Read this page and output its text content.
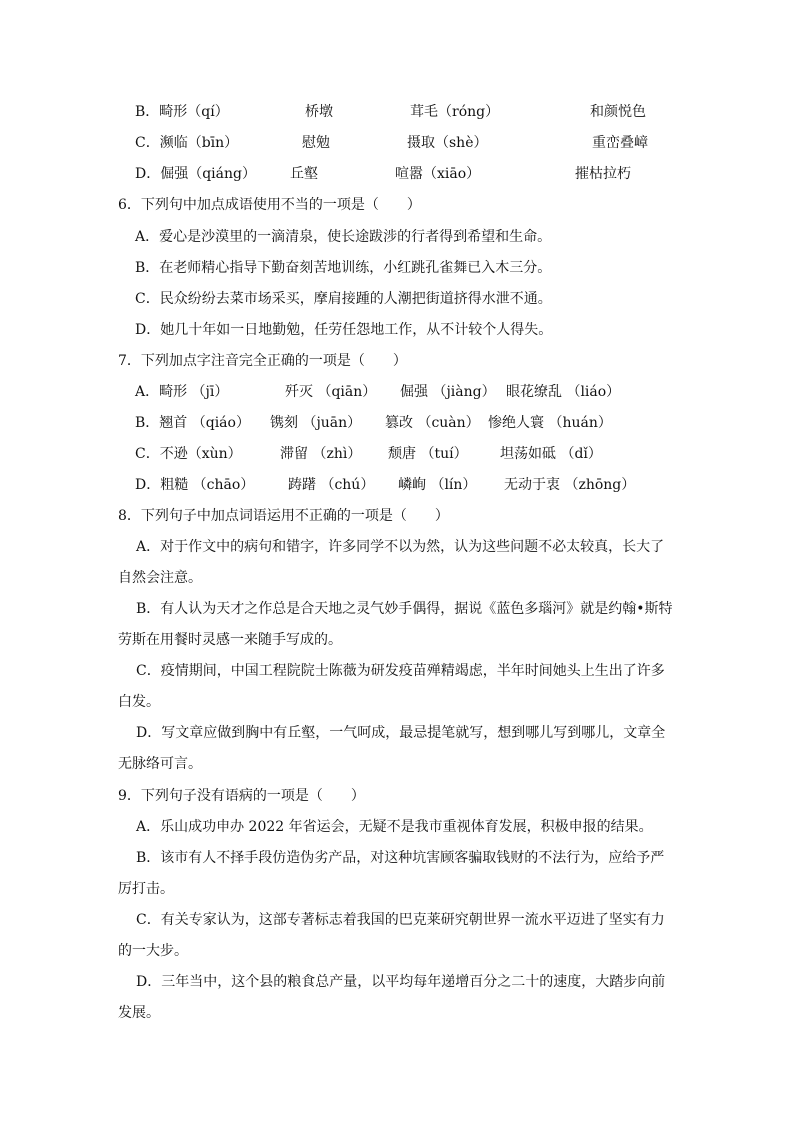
B．畸形（qí）	桥墩	茸毛（róng）	和颜悦色
C．濒临（bīn）	慰勉	摄取（shè）	重峦叠嶂
D．倔强（qiáng） 丘壑	喧嚣（xiāo）	摧枯拉朽
6．下列句中加点成语使用不当的一项是（　　）
A．爱心是沙漠里的一滴清泉，使长途跋涉的行者得到希望和生命。
B．在老师精心指导下勤奋刻苦地训练，小红跳孔雀舞已入木三分。
C．民众纷纷去菜市场采买，摩肩接踵的人潮把街道挤得水泄不通。
D．她几十年如一日地勤勉，任劳任怨地工作，从不计较个人得失。
7．下列加点字注音完全正确的一项是（　　）
A．畸形 （jī）	歼灭 （qiān） 倔强 （jiàng） 眼花缭乱 （liáo）
B．翘首 （qiáo） 镌刻 （juān） 篡改 （cuàn） 惨绝人寰 （huán）
C．不逊（xùn）	滞留 （zhì） 颓唐 （tuí） 坦荡如砥 （dǐ）
D．粗糙 （chāo） 踌躇 （chú） 嶙峋 （lín） 无动于衷 （zhōng）
8．下列句子中加点词语运用不正确的一项是（　　）
A．对于作文中的病句和错字，许多同学不以为然，认为这些问题不必太较真，长大了自然会注意。
B．有人认为天才之作总是合天地之灵气妙手偶得，据说《蓝色多瑙河》就是约翰•斯特劳斯在用餐时灵感一来随手写成的。
C．疫情期间，中国工程院院士陈薇为研发疫苗殚精竭虑，半年时间她头上生出了许多白发。
D．写文章应做到胸中有丘壑，一气呵成，最忌提笔就写，想到哪儿写到哪儿，文章全无脉络可言。
9．下列句子没有语病的一项是（　　）
A．乐山成功申办 2022 年省运会，无疑不是我市重视体育发展，积极申报的结果。
B．该市有人不择手段仿造伪劣产品，对这种坑害顾客骗取钱财的不法行为，应给予严厉打击。
C．有关专家认为，这部专著标志着我国的巴克莱研究朝世界一流水平迈进了坚实有力的一大步。
D．三年当中，这个县的粮食总产量，以平均每年递增百分之二十的速度，大踏步向前发展。
